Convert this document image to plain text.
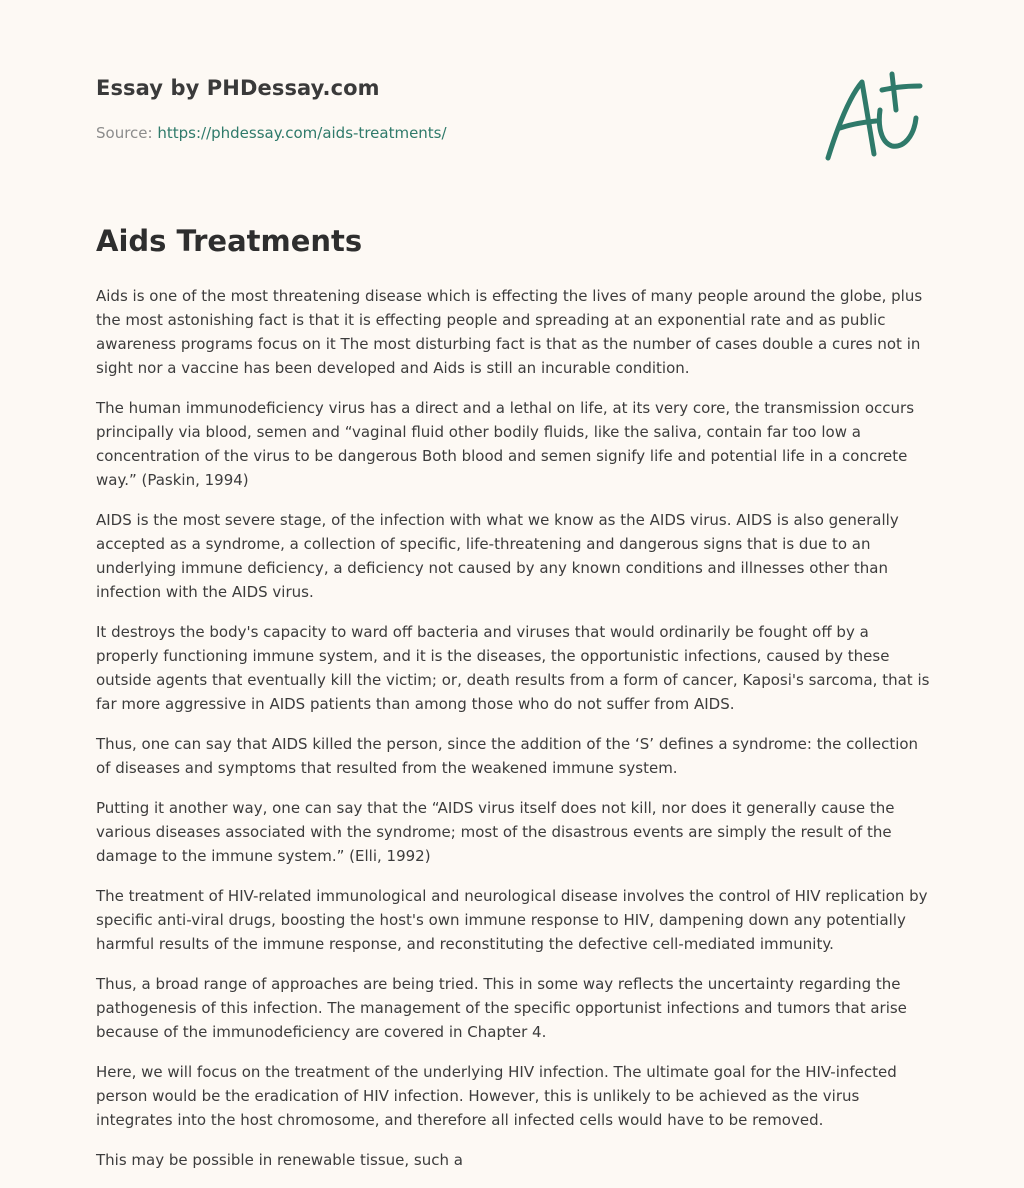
Essay by PHDessay.com
Source: https://phdessay.com/aids-treatments/
Aids Treatments

Aids is one of the most threatening disease which is effecting the lives of many people around the globe, plus the most astonishing fact is that it is effecting people and spreading at an exponential rate and as public awareness programs focus on it The most disturbing fact is that as the number of cases double a cures not in sight nor a vaccine has been developed and Aids is still an incurable condition.

The human immunodeficiency virus has a direct and a lethal on life, at its very core, the transmission occurs principally via blood, semen and “vaginal fluid other bodily fluids, like the saliva, contain far too low a concentration of the virus to be dangerous Both blood and semen signify life and potential life in a concrete way.” (Paskin, 1994)

AIDS is the most severe stage, of the infection with what we know as the AIDS virus. AIDS is also generally accepted as a syndrome, a collection of specific, life-threatening and dangerous signs that is due to an underlying immune deficiency, a deficiency not caused by any known conditions and illnesses other than infection with the AIDS virus.

It destroys the body's capacity to ward off bacteria and viruses that would ordinarily be fought off by a properly functioning immune system, and it is the diseases, the opportunistic infections, caused by these outside agents that eventually kill the victim; or, death results from a form of cancer, Kaposi's sarcoma, that is far more aggressive in AIDS patients than among those who do not suffer from AIDS.

Thus, one can say that AIDS killed the person, since the addition of the ‘S’ defines a syndrome: the collection of diseases and symptoms that resulted from the weakened immune system.

Putting it another way, one can say that the “AIDS virus itself does not kill, nor does it generally cause the various diseases associated with the syndrome; most of the disastrous events are simply the result of the damage to the immune system.” (Elli, 1992)

The treatment of HIV-related immunological and neurological disease involves the control of HIV replication by specific anti-viral drugs, boosting the host's own immune response to HIV, dampening down any potentially harmful results of the immune response, and reconstituting the defective cell-mediated immunity.

Thus, a broad range of approaches are being tried. This in some way reflects the uncertainty regarding the pathogenesis of this infection. The management of the specific opportunist infections and tumors that arise because of the immunodeficiency are covered in Chapter 4.

Here, we will focus on the treatment of the underlying HIV infection. The ultimate goal for the HIV-infected person would be the eradication of HIV infection. However, this is unlikely to be achieved as the virus integrates into the host chromosome, and therefore all infected cells would have to be removed.

This may be possible in renewable tissue, such a
